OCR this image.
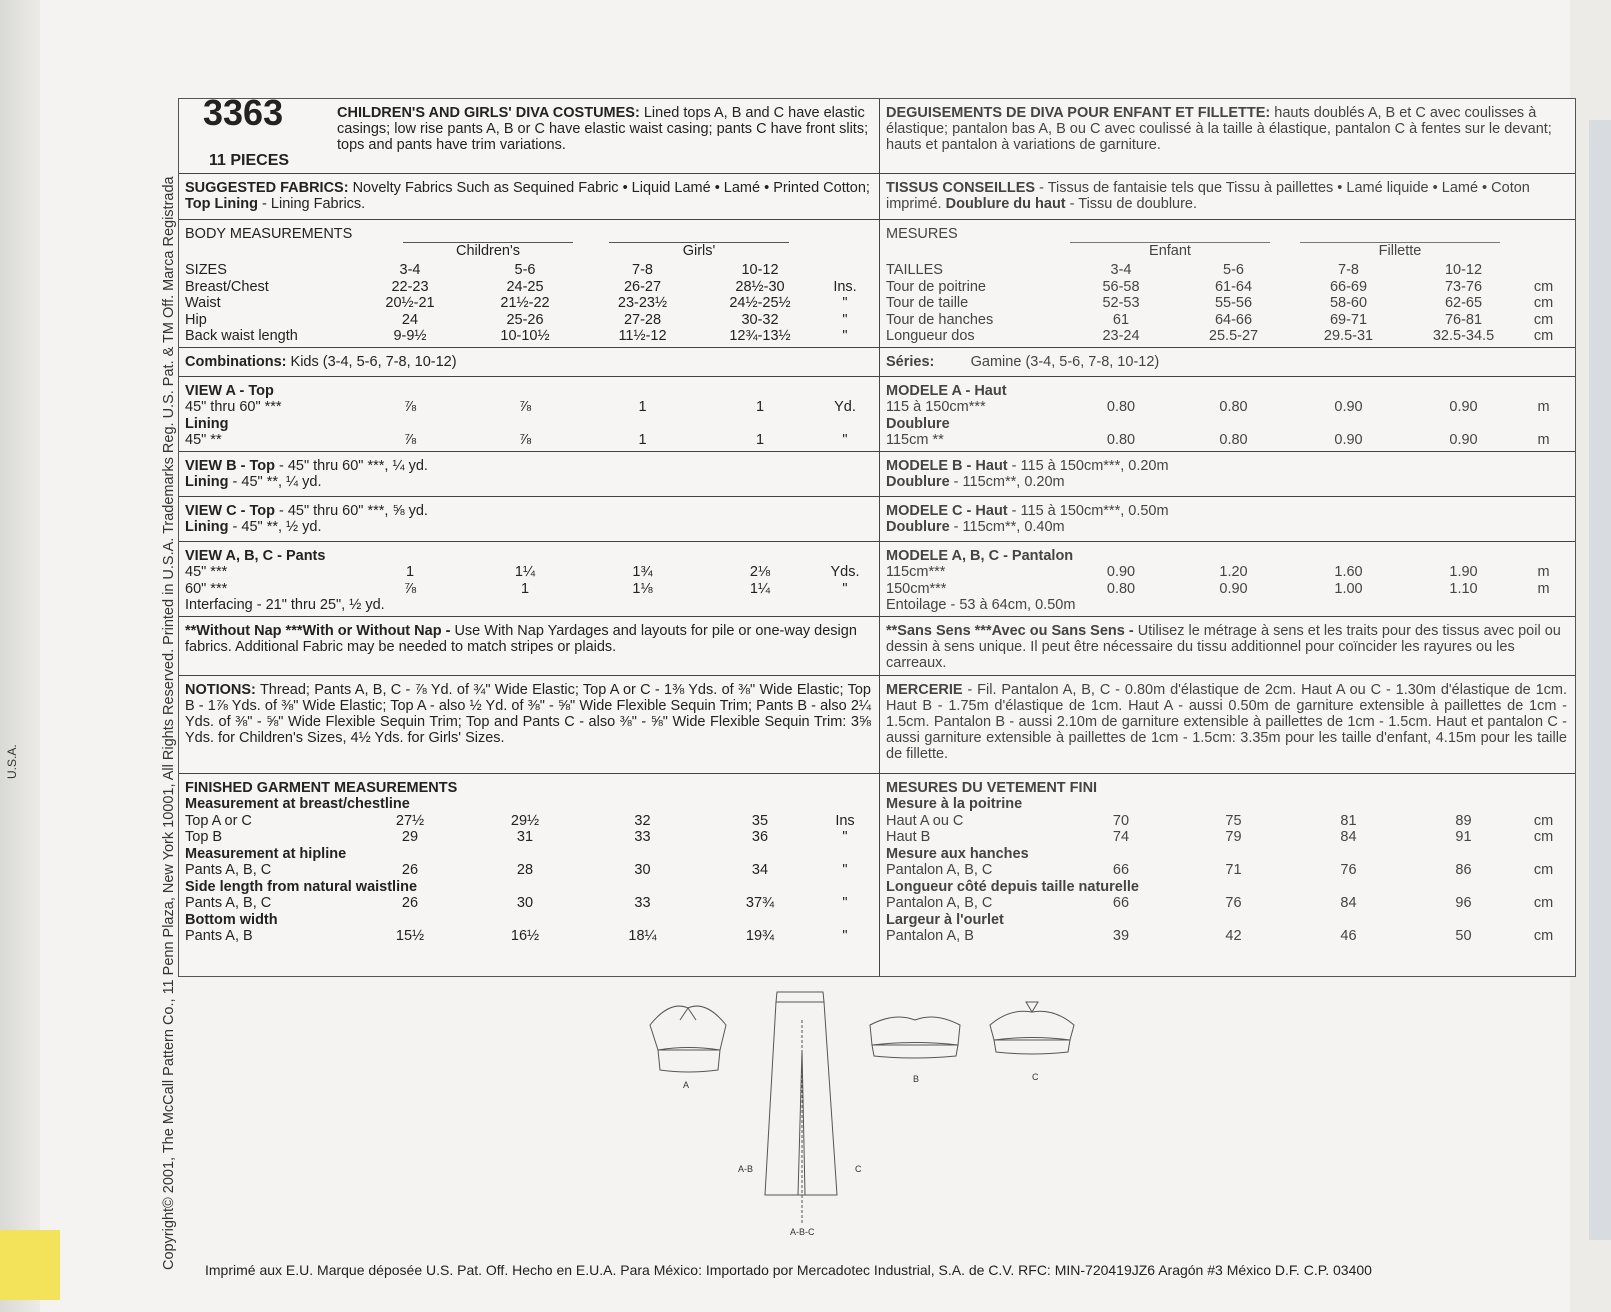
U.S.A.	Copyright© 2001, The McCall Pattern Co., 11 Penn Plaza, New York 10001, All Rights Reserved. Printed in U.S.A. Trademarks Reg. U.S. Pat. & TM Off. Marca Registrada
3363
11 PIECES
CHILDREN'S AND GIRLS' DIVA COSTUMES: Lined tops A, B and C have elastic casings; low rise pants A, B or C have elastic waist casing; pants C have front slits; tops and pants have trim variations.
SUGGESTED FABRICS: Novelty Fabrics Such as Sequined Fabric • Liquid Lamé • Lamé • Printed Cotton; Top Lining - Lining Fabrics.
BODY MEASUREMENTS
Children's	Girls'
SIZES	3-4	5-6	7-8	10-12	
Breast/Chest	22-23	24-25	26-27	28½-30	Ins.
Waist	20½-21	21½-22	23-23½	24½-25½	"
Hip	24	25-26	27-28	30-32	"
Back waist length	9-9½	10-10½	11½-12	12¾-13½	"
Combinations: Kids (3-4, 5-6, 7-8, 10-12)
VIEW A - Top
45" thru 60" ***	⅞	⅞	1	1	Yd.
Lining					
45" **	⅞	⅞	1	1	"
VIEW B - Top - 45" thru 60" ***, ¼ yd.
Lining - 45" **, ¼ yd.
VIEW C - Top - 45" thru 60" ***, ⅝ yd.
Lining - 45" **, ½ yd.
VIEW A, B, C - Pants
45" ***	1	1¼	1¾	2⅛	Yds.
60" ***	⅞	1	1⅛	1¼	"
Interfacing - 21" thru 25", ½ yd.
**Without Nap ***With or Without Nap - Use With Nap Yardages and layouts for pile or one-way design fabrics. Additional Fabric may be needed to match stripes or plaids.
NOTIONS: Thread; Pants A, B, C - ⅞ Yd. of ¾" Wide Elastic; Top A or C - 1⅜ Yds. of ⅜" Wide Elastic; Top B - 1⅞ Yds. of ⅜" Wide Elastic; Top A - also ½ Yd. of ⅜" - ⅝" Wide Flexible Sequin Trim; Pants B - also 2¼ Yds. of ⅜" - ⅝" Wide Flexible Sequin Trim; Top and Pants C - also ⅜" - ⅝" Wide Flexible Sequin Trim: 3⅝ Yds. for Children's Sizes, 4½ Yds. for Girls' Sizes.
FINISHED GARMENT MEASUREMENTS
Measurement at breast/chestline					
Top A or C	27½	29½	32	35	Ins
Top B	29	31	33	36	"
Measurement at hipline					
Pants A, B, C	26	28	30	34	"
Side length from natural waistline					
Pants A, B, C	26	30	33	37¾	"
Bottom width					
Pants A, B	15½	16½	18¼	19¾	"
DEGUISEMENTS DE DIVA POUR ENFANT ET FILLETTE: hauts doublés A, B et C avec coulisses à élastique; pantalon bas A, B ou C avec coulissé à la taille à élastique, pantalon C à fentes sur le devant; hauts et pantalon à variations de garniture.
TISSUS CONSEILLES - Tissus de fantaisie tels que Tissu à paillettes • Lamé liquide • Lamé • Coton imprimé. Doublure du haut - Tissu de doublure.
MESURES
Enfant	Fillette
TAILLES	3-4	5-6	7-8	10-12	
Tour de poitrine	56-58	61-64	66-69	73-76	cm
Tour de taille	52-53	55-56	58-60	62-65	cm
Tour de hanches	61	64-66	69-71	76-81	cm
Longueur dos	23-24	25.5-27	29.5-31	32.5-34.5	cm
Séries:	Gamine (3-4, 5-6, 7-8, 10-12)
MODELE A - Haut
115 à 150cm***	0.80	0.80	0.90	0.90	m
Doublure					
115cm **	0.80	0.80	0.90	0.90	m
MODELE B - Haut - 115 à 150cm***, 0.20m
Doublure - 115cm**, 0.20m
MODELE C - Haut - 115 à 150cm***, 0.50m
Doublure - 115cm**, 0.40m
MODELE A, B, C - Pantalon
115cm***	0.90	1.20	1.60	1.90	m
150cm***	0.80	0.90	1.00	1.10	m
Entoilage - 53 à 64cm, 0.50m
**Sans Sens ***Avec ou Sans Sens - Utilisez le métrage à sens et les traits pour des tissus avec poil ou dessin à sens unique. Il peut être nécessaire du tissu additionnel pour coïncider les rayures ou les carreaux.
MERCERIE - Fil. Pantalon A, B, C - 0.80m d'élastique de 2cm. Haut A ou C - 1.30m d'élastique de 1cm. Haut B - 1.75m d'élastique de 1cm. Haut A - aussi 0.50m de garniture extensible à paillettes de 1cm - 1.5cm. Pantalon B - aussi 2.10m de garniture extensible à paillettes de 1cm - 1.5cm. Haut et pantalon C - aussi garniture extensible à paillettes de 1cm - 1.5cm: 3.35m pour les taille d'enfant, 4.15m pour les taille de fillette.
MESURES DU VETEMENT FINI
Mesure à la poitrine					
Haut A ou C	70	75	81	89	cm
Haut B	74	79	84	91	cm
Mesure aux hanches					
Pantalon A, B, C	66	71	76	86	cm
Longueur côté depuis taille naturelle					
Pantalon A, B, C	66	76	84	96	cm
Largeur à l'ourlet					
Pantalon A, B	39	42	46	50	cm
A
A-B	C
A-B-C
B	C
Imprimé aux E.U. Marque déposée U.S. Pat. Off. Hecho en E.U.A. Para México: Importado por Mercadotec Industrial, S.A. de C.V. RFC: MIN-720419JZ6 Aragón #3 México D.F. C.P. 03400
